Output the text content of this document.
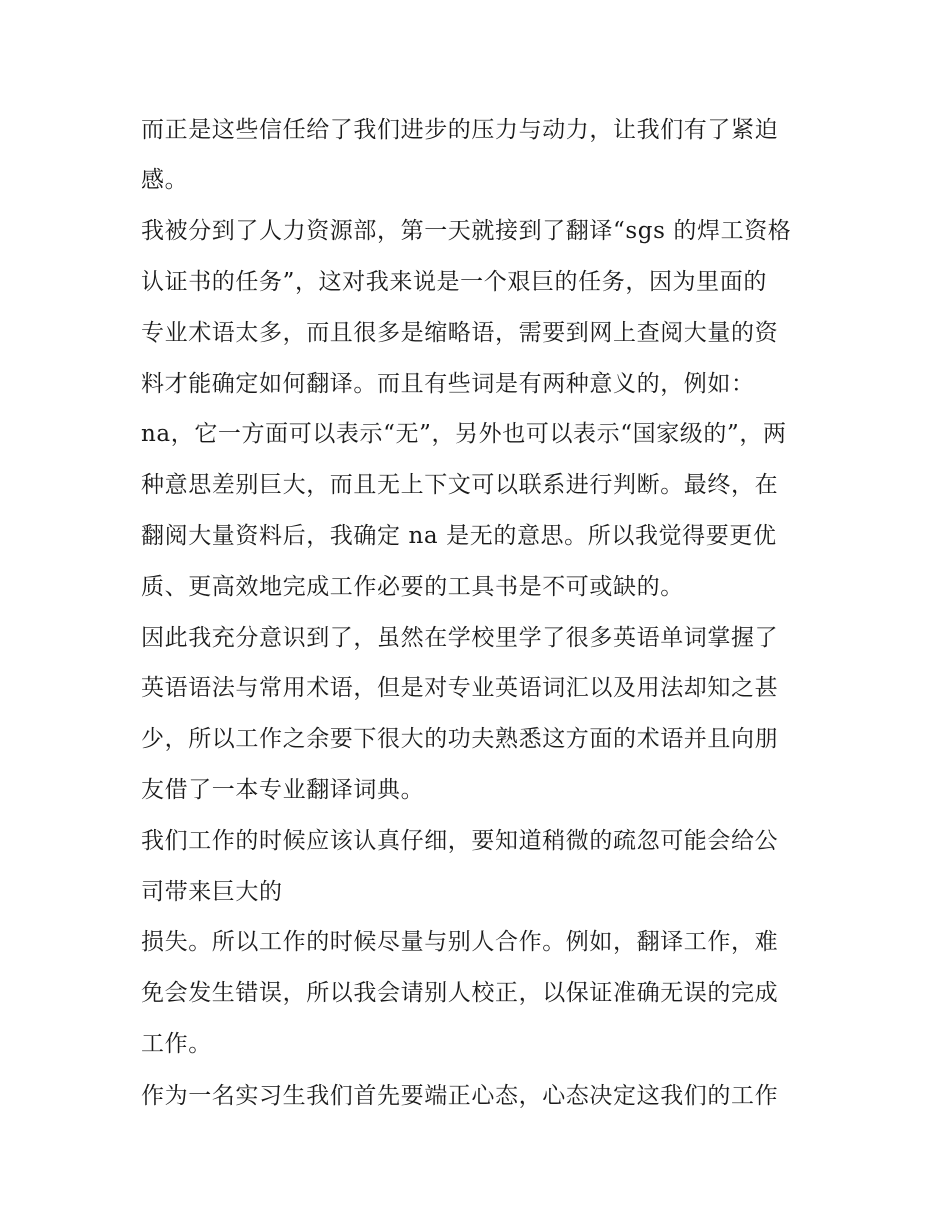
而正是这些信任给了我们进步的压力与动力，让我们有了紧迫
感。
我被分到了人力资源部，第一天就接到了翻译“sgs 的焊工资格
认证书的任务”，这对我来说是一个艰巨的任务，因为里面的
专业术语太多，而且很多是缩略语，需要到网上查阅大量的资
料才能确定如何翻译。而且有些词是有两种意义的，例如：
na，它一方面可以表示“无”，另外也可以表示“国家级的”，两
种意思差别巨大，而且无上下文可以联系进行判断。最终，在
翻阅大量资料后，我确定 na 是无的意思。所以我觉得要更优
质、更高效地完成工作必要的工具书是不可或缺的。
因此我充分意识到了，虽然在学校里学了很多英语单词掌握了
英语语法与常用术语，但是对专业英语词汇以及用法却知之甚
少，所以工作之余要下很大的功夫熟悉这方面的术语并且向朋
友借了一本专业翻译词典。
我们工作的时候应该认真仔细，要知道稍微的疏忽可能会给公
司带来巨大的
损失。所以工作的时候尽量与别人合作。例如，翻译工作，难
免会发生错误，所以我会请别人校正，以保证准确无误的完成
工作。
作为一名实习生我们首先要端正心态，心态决定这我们的工作
